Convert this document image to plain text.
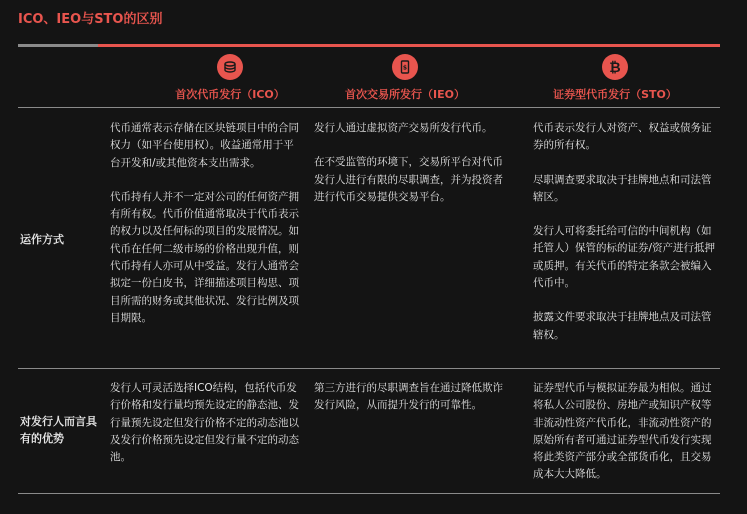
ICO、IEO与STO的区别
首次代币发行（ICO）
$
首次交易所发行（IEO）
₿
证券型代币发行（STO）
运作方式

代币通常表示存储在区块链项目中的合同权力（如平台使用权）。收益通常用于平台开发和/或其他资本支出需求。

代币持有人并不一定对公司的任何资产拥有所有权。代币价值通常取决于代币表示的权力以及任何标的项目的发展情况。如代币在任何二级市场的价格出现升值，则代币持有人亦可从中受益。发行人通常会拟定一份白皮书，详细描述项目构思、项目所需的财务或其他状况、发行比例及项目期限。

发行人通过虚拟资产交易所发行代币。

在不受监管的环境下，交易所平台对代币发行人进行有限的尽职调查，并为投资者进行代币交易提供交易平台。

代币表示发行人对资产、权益或债务证券的所有权。

尽职调查要求取决于挂牌地点和司法管辖区。

发行人可将委托给可信的中间机构（如托管人）保管的标的证券/资产进行抵押或质押。有关代币的特定条款会被编入代币中。

披露文件要求取决于挂牌地点及司法管辖权。

对发行人而言具有的优势

发行人可灵活选择ICO结构，包括代币发行价格和发行量均预先设定的静态池、发行量预先设定但发行价格不定的动态池以及发行价格预先设定但发行量不定的动态池。

第三方进行的尽职调查旨在通过降低欺诈发行风险，从而提升发行的可靠性。

证券型代币与模拟证券最为相似。通过将私人公司股份、房地产或知识产权等非流动性资产代币化，非流动性资产的原始所有者可通过证券型代币发行实现将此类资产部分或全部货币化，且交易成本大大降低。
